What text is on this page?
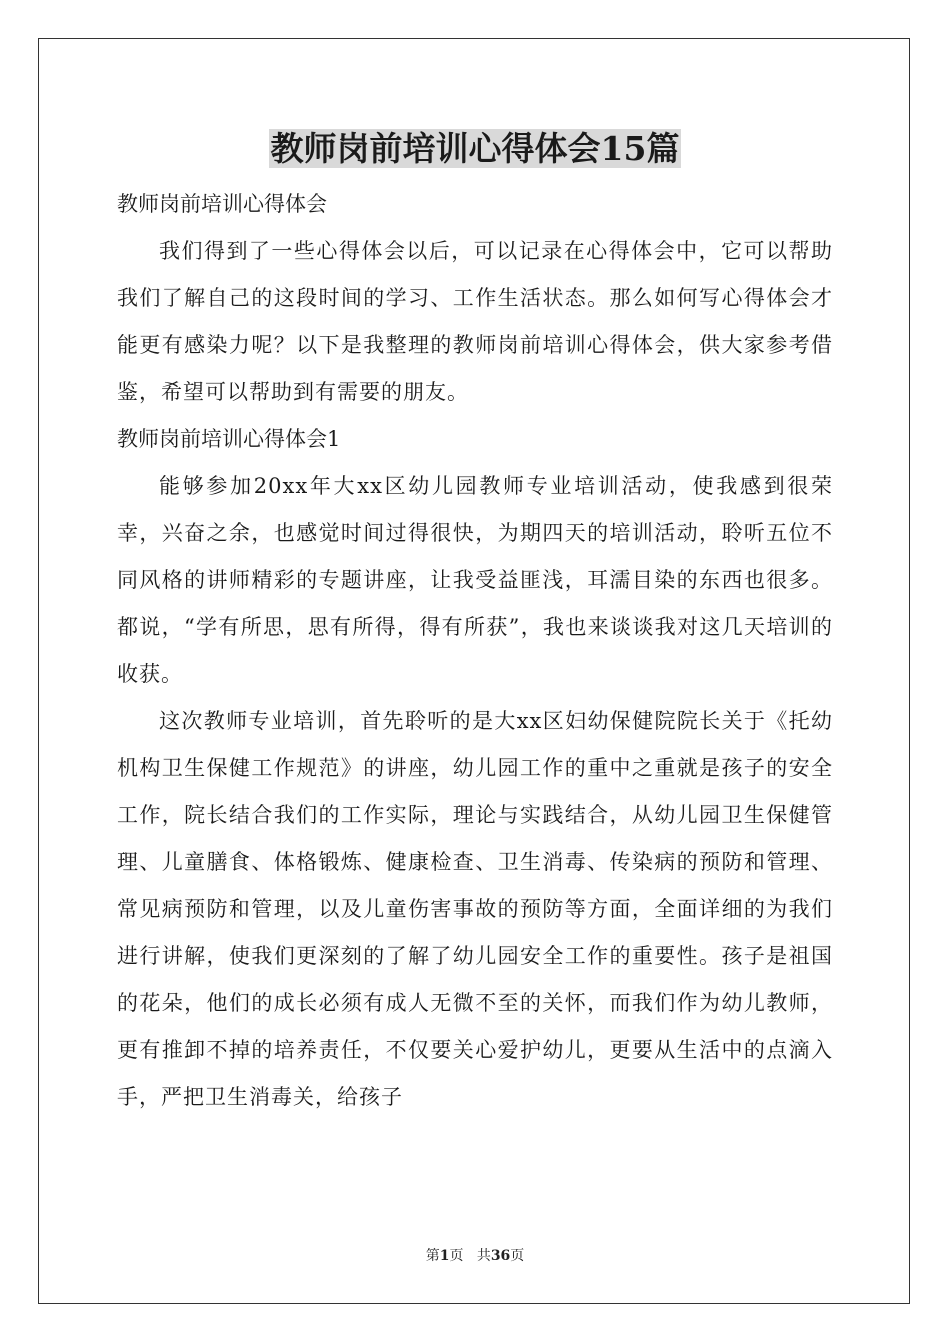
教师岗前培训心得体会15篇

教师岗前培训心得体会

我们得到了一些心得体会以后，可以记录在心得体会中，它可以帮助我们了解自己的这段时间的学习、工作生活状态。那么如何写心得体会才能更有感染力呢？以下是我整理的教师岗前培训心得体会，供大家参考借鉴，希望可以帮助到有需要的朋友。

教师岗前培训心得体会1

能够参加20xx年大xx区幼儿园教师专业培训活动，使我感到很荣幸，兴奋之余，也感觉时间过得很快，为期四天的培训活动，聆听五位不同风格的讲师精彩的专题讲座，让我受益匪浅，耳濡目染的东西也很多。都说，“学有所思，思有所得，得有所获”，我也来谈谈我对这几天培训的收获。

这次教师专业培训，首先聆听的是大xx区妇幼保健院院长关于《托幼机构卫生保健工作规范》的讲座，幼儿园工作的重中之重就是孩子的安全工作，院长结合我们的工作实际，理论与实践结合，从幼儿园卫生保健管理、儿童膳食、体格锻炼、健康检查、卫生消毒、传染病的预防和管理、常见病预防和管理，以及儿童伤害事故的预防等方面，全面详细的为我们进行讲解，使我们更深刻的了解了幼儿园安全工作的重要性。孩子是祖国的花朵，他们的成长必须有成人无微不至的关怀，而我们作为幼儿教师，更有推卸不掉的培养责任，不仅要关心爱护幼儿，更要从生活中的点滴入手，严把卫生消毒关，给孩子

第1页 共36页
